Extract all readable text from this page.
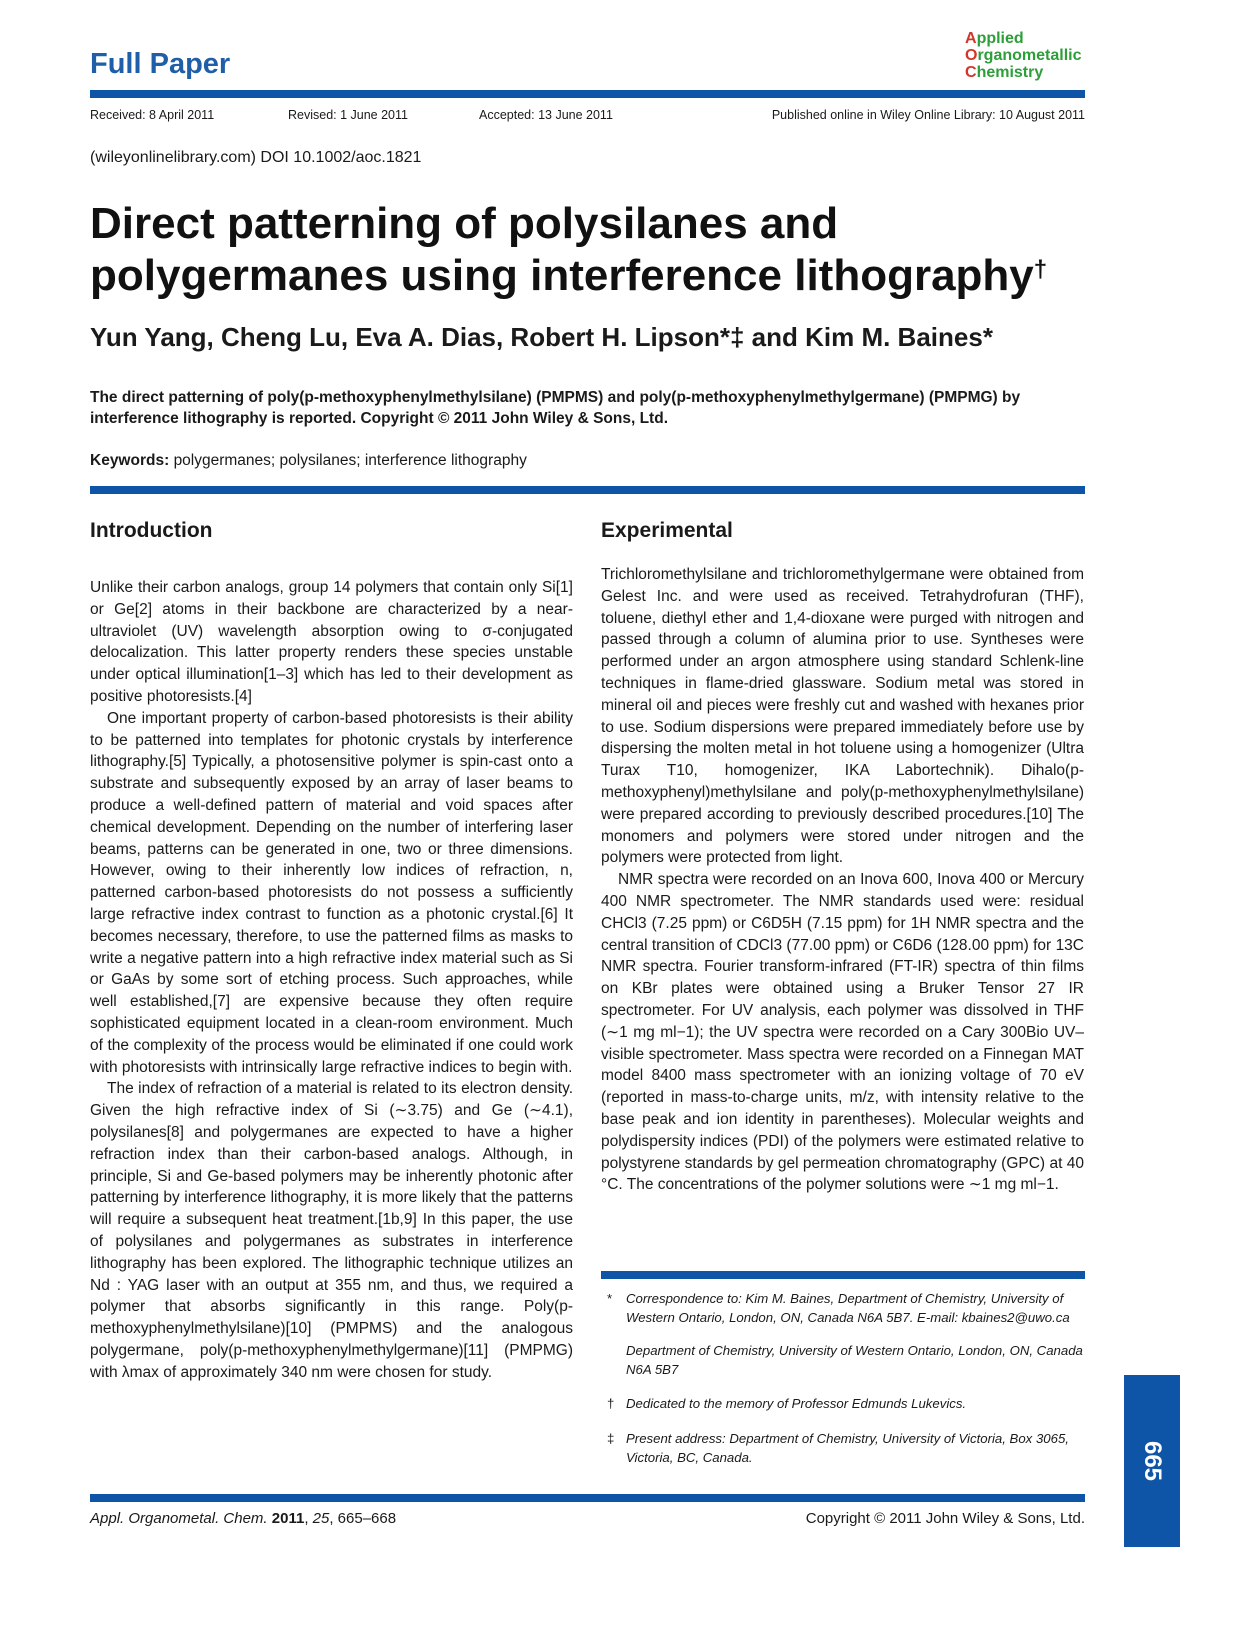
Full Paper
Applied
Organometallic
Chemistry
Received: 8 April 2011	Revised: 1 June 2011	Accepted: 13 June 2011	Published online in Wiley Online Library: 10 August 2011
(wileyonlinelibrary.com) DOI 10.1002/aoc.1821
Direct patterning of polysilanes and
polygermanes using interference lithography†
Yun Yang, Cheng Lu, Eva A. Dias, Robert H. Lipson*‡ and Kim M. Baines*
The direct patterning of poly(p-methoxyphenylmethylsilane) (PMPMS) and poly(p-methoxyphenylmethylgermane) (PMPMG) by interference lithography is reported. Copyright © 2011 John Wiley & Sons, Ltd.
Keywords: polygermanes; polysilanes; interference lithography
Introduction

Unlike their carbon analogs, group 14 polymers that contain only Si[1] or Ge[2] atoms in their backbone are characterized by a near-ultraviolet (UV) wavelength absorption owing to σ-conjugated delocalization. This latter property renders these species unstable under optical illumination[1–3] which has led to their development as positive photoresists.[4]

One important property of carbon-based photoresists is their ability to be patterned into templates for photonic crystals by interference lithography.[5] Typically, a photosensitive polymer is spin-cast onto a substrate and subsequently exposed by an array of laser beams to produce a well-defined pattern of material and void spaces after chemical development. Depending on the number of interfering laser beams, patterns can be generated in one, two or three dimensions. However, owing to their inherently low indices of refraction, n, patterned carbon-based photoresists do not possess a sufficiently large refractive index contrast to function as a photonic crystal.[6] It becomes necessary, therefore, to use the patterned films as masks to write a negative pattern into a high refractive index material such as Si or GaAs by some sort of etching process. Such approaches, while well established,[7] are expensive because they often require sophisticated equipment located in a clean-room environment. Much of the complexity of the process would be eliminated if one could work with photoresists with intrinsically large refractive indices to begin with.

The index of refraction of a material is related to its electron density. Given the high refractive index of Si (∼3.75) and Ge (∼4.1), polysilanes[8] and polygermanes are expected to have a higher refraction index than their carbon-based analogs. Although, in principle, Si and Ge-based polymers may be inherently photonic after patterning by interference lithography, it is more likely that the patterns will require a subsequent heat treatment.[1b,9] In this paper, the use of polysilanes and polygermanes as substrates in interference lithography has been explored. The lithographic technique utilizes an Nd : YAG laser with an output at 355 nm, and thus, we required a polymer that absorbs significantly in this range. Poly(p-methoxyphenylmethylsilane)[10] (PMPMS) and the analogous polygermane, poly(p-methoxyphenylmethylgermane)[11] (PMPMG) with λmax of approximately 340 nm were chosen for study.

Experimental

Trichloromethylsilane and trichloromethylgermane were obtained from Gelest Inc. and were used as received. Tetrahydrofuran (THF), toluene, diethyl ether and 1,4-dioxane were purged with nitrogen and passed through a column of alumina prior to use. Syntheses were performed under an argon atmosphere using standard Schlenk-line techniques in flame-dried glassware. Sodium metal was stored in mineral oil and pieces were freshly cut and washed with hexanes prior to use. Sodium dispersions were prepared immediately before use by dispersing the molten metal in hot toluene using a homogenizer (Ultra Turax T10, homogenizer, IKA Labortechnik). Dihalo(p-methoxyphenyl)methylsilane and poly(p-methoxyphenylmethylsilane) were prepared according to previously described procedures.[10] The monomers and polymers were stored under nitrogen and the polymers were protected from light.

NMR spectra were recorded on an Inova 600, Inova 400 or Mercury 400 NMR spectrometer. The NMR standards used were: residual CHCl3 (7.25 ppm) or C6D5H (7.15 ppm) for 1H NMR spectra and the central transition of CDCl3 (77.00 ppm) or C6D6 (128.00 ppm) for 13C NMR spectra. Fourier transform-infrared (FT-IR) spectra of thin films on KBr plates were obtained using a Bruker Tensor 27 IR spectrometer. For UV analysis, each polymer was dissolved in THF (∼1 mg ml−1); the UV spectra were recorded on a Cary 300Bio UV–visible spectrometer. Mass spectra were recorded on a Finnegan MAT model 8400 mass spectrometer with an ionizing voltage of 70 eV (reported in mass-to-charge units, m/z, with intensity relative to the base peak and ion identity in parentheses). Molecular weights and polydispersity indices (PDI) of the polymers were estimated relative to polystyrene standards by gel permeation chromatography (GPC) at 40 °C. The concentrations of the polymer solutions were ∼1 mg ml−1.

* Correspondence to: Kim M. Baines, Department of Chemistry, University of Western Ontario, London, ON, Canada N6A 5B7. E-mail: kbaines2@uwo.ca
Department of Chemistry, University of Western Ontario, London, ON, Canada N6A 5B7
† Dedicated to the memory of Professor Edmunds Lukevics.
‡ Present address: Department of Chemistry, University of Victoria, Box 3065, Victoria, BC, Canada.	665
Appl. Organometal. Chem. 2011, 25, 665–668	Copyright © 2011 John Wiley & Sons, Ltd.
